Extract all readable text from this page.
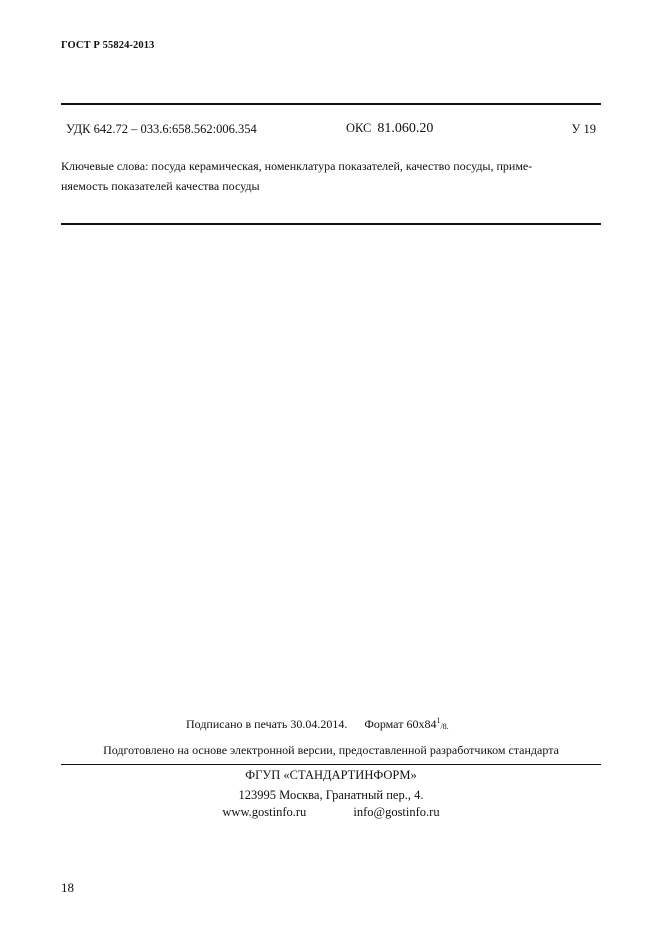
ГОСТ Р 55824-2013
УДК 642.72 – 033.6:658.562:006.354	ОКС 81.060.20	У 19
Ключевые слова: посуда керамическая, номенклатура показателей, качество посуды, приме-
няемость показателей качества посуды
Подписано в печать 30.04.2014. Формат $60х84^1/8$.
Подготовлено на основе электронной версии, предоставленной разработчиком стандарта
ФГУП «СТАНДАРТИНФОРМ»
123995 Москва, Гранатный пер., 4.
www.gostinfo.ru	info@gostinfo.ru
18
